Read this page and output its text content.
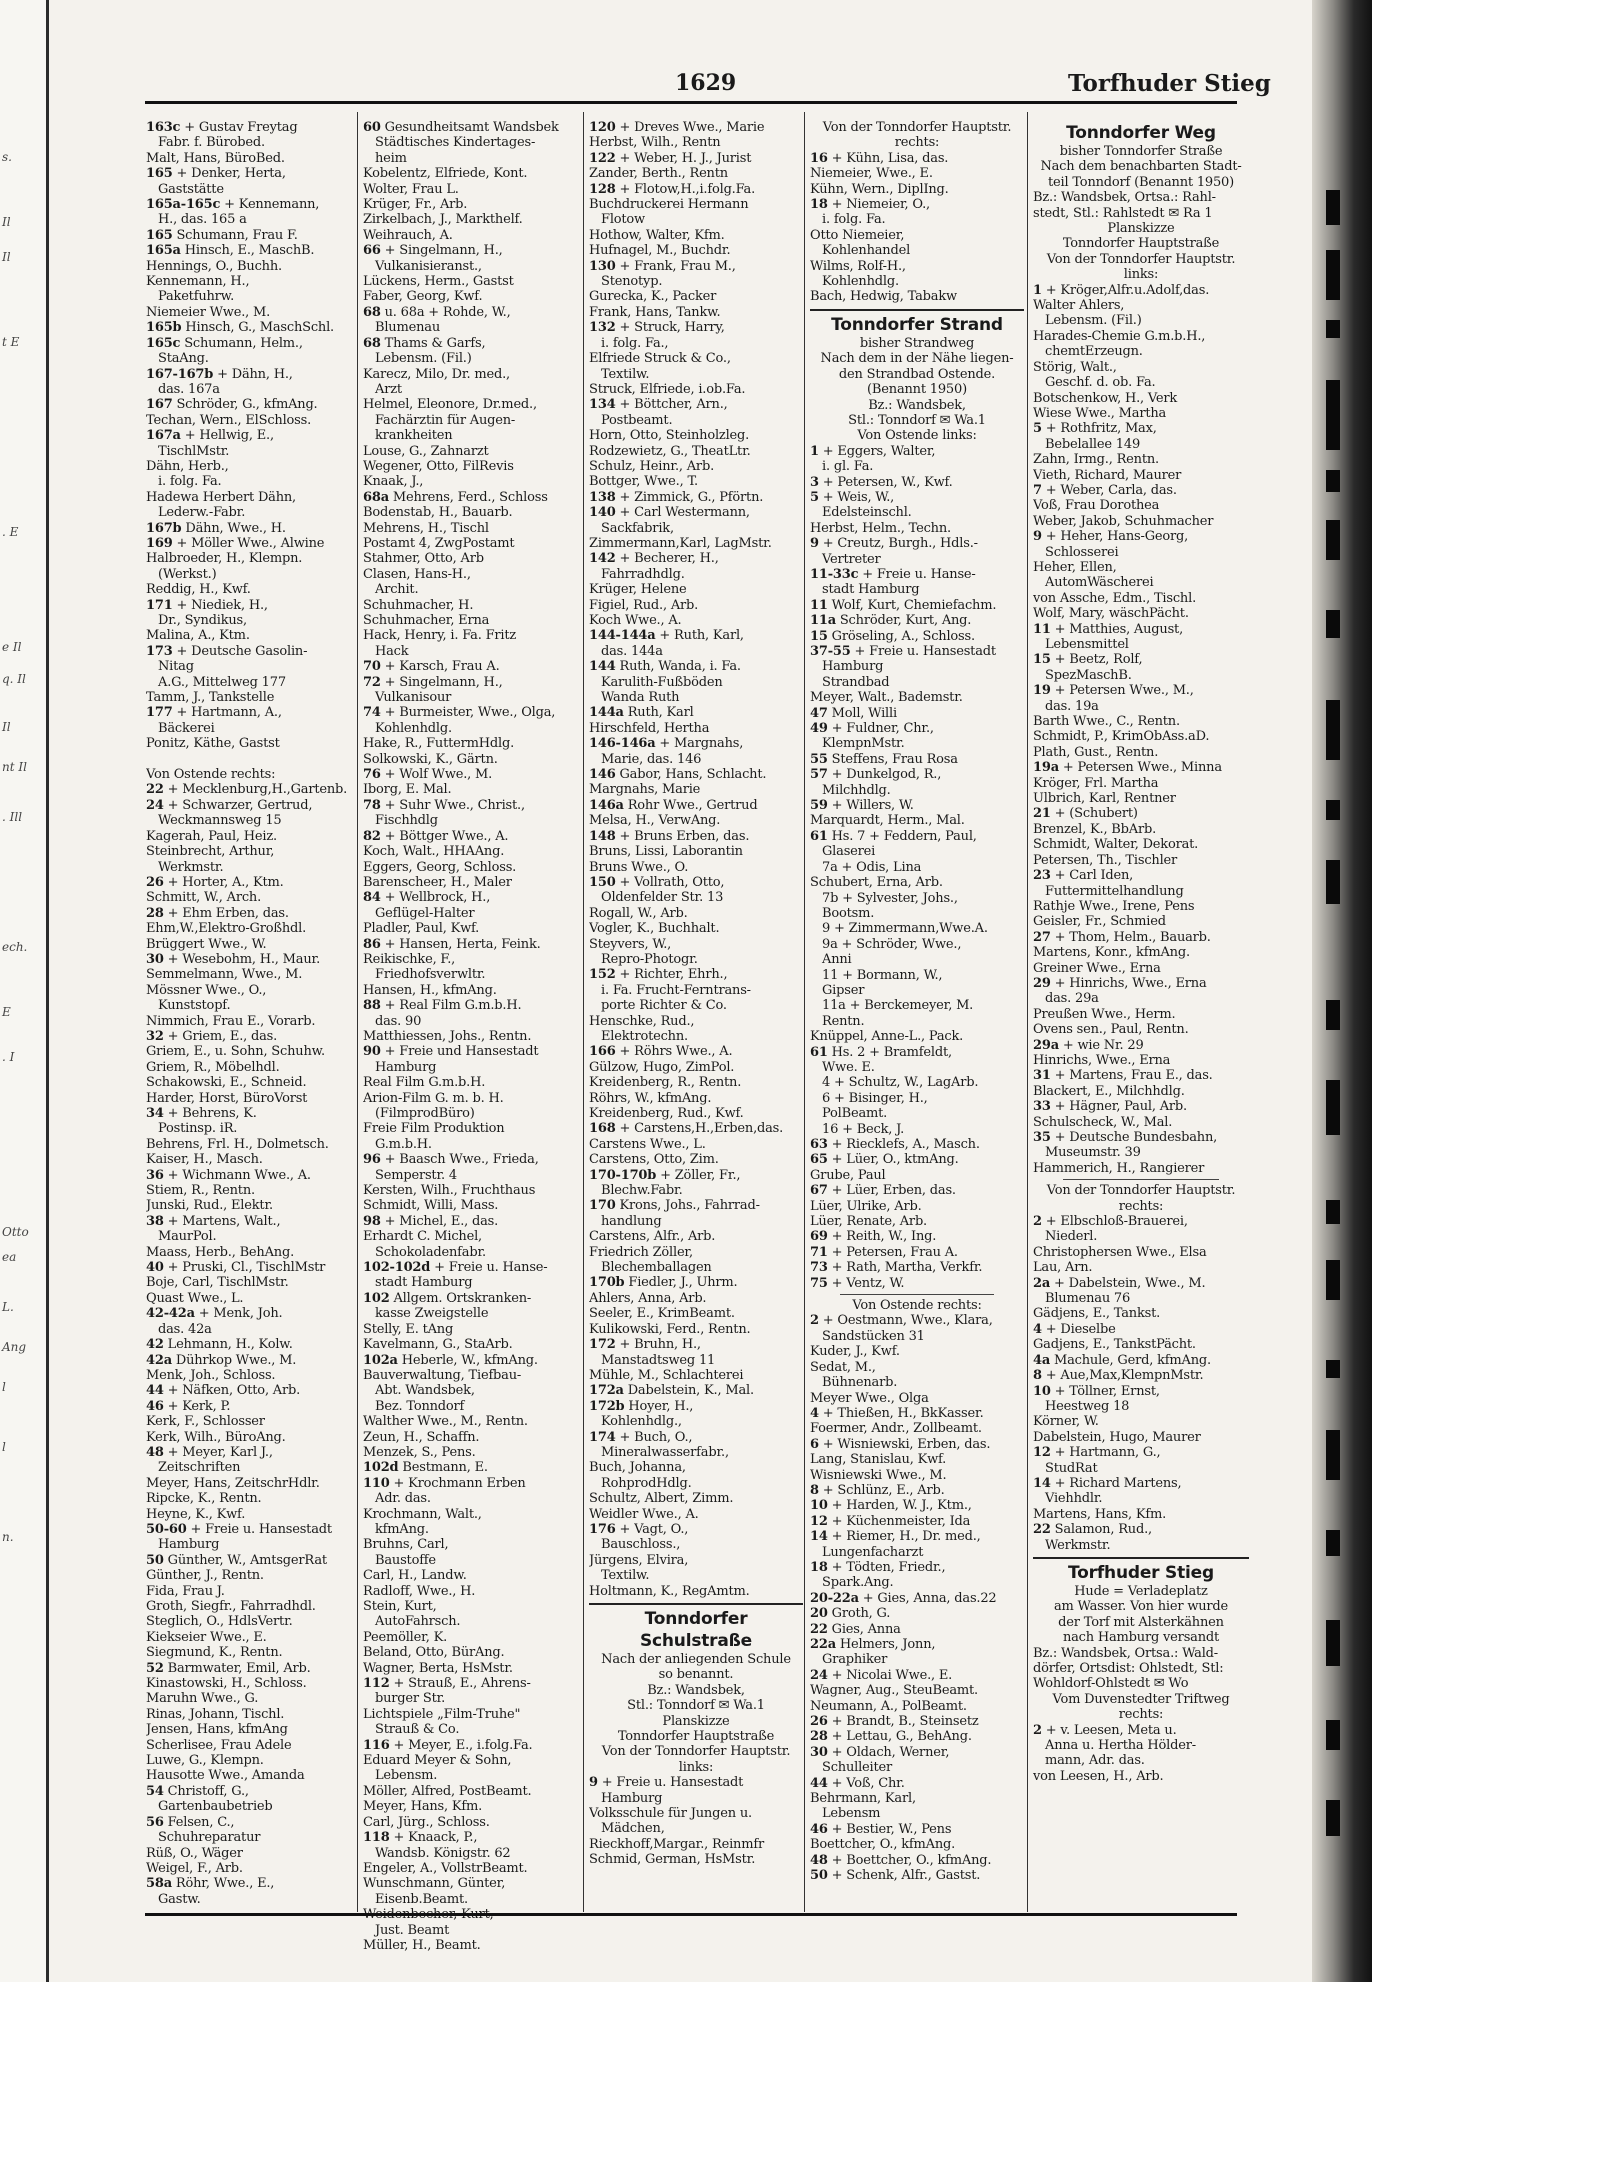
s.
Il
Il
t E
. E
e Il
q. Il
Il
nt Il
. Ill
ech.
E
. I
Otto
ea
L.
Ang
l
l
n.
1629	Torfhuder Stieg
163c + Gustav Freytag
Fabr. f. Bürobed.
Malt, Hans, BüroBed.
165 + Denker, Herta,
Gaststätte
165a-165c + Kennemann,
H., das. 165 a
165 Schumann, Frau F.
165a Hinsch, E., MaschB.
Hennings, O., Buchh.
Kennemann, H.,
Paketfuhrw.
Niemeier Wwe., M.
165b Hinsch, G., MaschSchl.
165c Schumann, Helm.,
StaAng.
167-167b + Dähn, H.,
das. 167a
167 Schröder, G., kfmAng.
Techan, Wern., ElSchloss.
167a + Hellwig, E.,
TischlMstr.
Dähn, Herb.,
i. folg. Fa.
Hadewa Herbert Dähn,
Lederw.-Fabr.
167b Dähn, Wwe., H.
169 + Möller Wwe., Alwine
Halbroeder, H., Klempn.
(Werkst.)
Reddig, H., Kwf.
171 + Niediek, H.,
Dr., Syndikus,
Malina, A., Ktm.
173 + Deutsche Gasolin-
Nitag
A.G., Mittelweg 177
Tamm, J., Tankstelle
177 + Hartmann, A.,
Bäckerei
Ponitz, Käthe, Gastst

Von Ostende rechts:
22 + Mecklenburg,H.,Gartenb.
24 + Schwarzer, Gertrud,
Weckmannsweg 15
Kagerah, Paul, Heiz.
Steinbrecht, Arthur,
Werkmstr.
26 + Horter, A., Ktm.
Schmitt, W., Arch.
28 + Ehm Erben, das.
Ehm,W.,Elektro-Großhdl.
Brüggert Wwe., W.
30 + Wesebohm, H., Maur.
Semmelmann, Wwe., M.
Mössner Wwe., O.,
Kunststopf.
Nimmich, Frau E., Vorarb.
32 + Griem, E., das.
Griem, E., u. Sohn, Schuhw.
Griem, R., Möbelhdl.
Schakowski, E., Schneid.
Harder, Horst, BüroVorst
34 + Behrens, K.
Postinsp. iR.
Behrens, Frl. H., Dolmetsch.
Kaiser, H., Masch.
36 + Wichmann Wwe., A.
Stiem, R., Rentn.
Junski, Rud., Elektr.
38 + Martens, Walt.,
MaurPol.
Maass, Herb., BehAng.
40 + Pruski, Cl., TischlMstr
Boje, Carl, TischlMstr.
Quast Wwe., L.
42-42a + Menk, Joh.
das. 42a
42 Lehmann, H., Kolw.
42a Dührkop Wwe., M.
Menk, Joh., Schloss.
44 + Näfken, Otto, Arb.
46 + Kerk, P.
Kerk, F., Schlosser
Kerk, Wilh., BüroAng.
48 + Meyer, Karl J.,
Zeitschriften
Meyer, Hans, ZeitschrHdlr.
Ripcke, K., Rentn.
Heyne, K., Kwf.
50-60 + Freie u. Hansestadt
Hamburg
50 Günther, W., AmtsgerRat
Günther, J., Rentn.
Fida, Frau J.
Groth, Siegfr., Fahrradhdl.
Steglich, O., HdlsVertr.
Kiekseier Wwe., E.
Siegmund, K., Rentn.
52 Barmwater, Emil, Arb.
Kinastowski, H., Schloss.
Maruhn Wwe., G.
Rinas, Johann, Tischl.
Jensen, Hans, kfmAng
Scherlisee, Frau Adele
Luwe, G., Klempn.
Hausotte Wwe., Amanda
54 Christoff, G.,
Gartenbaubetrieb
56 Felsen, C.,
Schuhreparatur
Rüß, O., Wäger
Weigel, F., Arb.
58a Röhr, Wwe., E.,
Gastw.
60 Gesundheitsamt Wandsbek
Städtisches Kindertages-
heim
Kobelentz, Elfriede, Kont.
Wolter, Frau L.
Krüger, Fr., Arb.
Zirkelbach, J., Markthelf.
Weihrauch, A.
66 + Singelmann, H.,
Vulkanisieranst.,
Lückens, Herm., Gastst
Faber, Georg, Kwf.
68 u. 68a + Rohde, W.,
Blumenau
68 Thams & Garfs,
Lebensm. (Fil.)
Karecz, Milo, Dr. med.,
Arzt
Helmel, Eleonore, Dr.med.,
Fachärztin für Augen-
krankheiten
Louse, G., Zahnarzt
Wegener, Otto, FilRevis
Knaak, J.,
68a Mehrens, Ferd., Schloss
Bodenstab, H., Bauarb.
Mehrens, H., Tischl
Postamt 4, ZwgPostamt
Stahmer, Otto, Arb
Clasen, Hans-H.,
Archit.
Schuhmacher, H.
Schuhmacher, Erna
Hack, Henry, i. Fa. Fritz
Hack
70 + Karsch, Frau A.
72 + Singelmann, H.,
Vulkanisour
74 + Burmeister, Wwe., Olga,
Kohlenhdlg.
Hake, R., FuttermHdlg.
Solkowski, K., Gärtn.
76 + Wolf Wwe., M.
Iborg, E. Mal.
78 + Suhr Wwe., Christ.,
Fischhdlg
82 + Böttger Wwe., A.
Koch, Walt., HHAAng.
Eggers, Georg, Schloss.
Barenscheer, H., Maler
84 + Wellbrock, H.,
Geflügel-Halter
Pladler, Paul, Kwf.
86 + Hansen, Herta, Feink.
Reikischke, F.,
Friedhofsverwltr.
Hansen, H., kfmAng.
88 + Real Film G.m.b.H.
das. 90
Matthiessen, Johs., Rentn.
90 + Freie und Hansestadt
Hamburg
Real Film G.m.b.H.
Arion-Film G. m. b. H.
(FilmprodBüro)
Freie Film Produktion
G.m.b.H.
96 + Baasch Wwe., Frieda,
Semperstr. 4
Kersten, Wilh., Fruchthaus
Schmidt, Willi, Mass.
98 + Michel, E., das.
Erhardt C. Michel,
Schokoladenfabr.
102-102d + Freie u. Hanse-
stadt Hamburg
102 Allgem. Ortskranken-
kasse Zweigstelle
Stelly, E. tAng
Kavelmann, G., StaArb.
102a Heberle, W., kfmAng.
Bauverwaltung, Tiefbau-
Abt. Wandsbek,
Bez. Tonndorf
Walther Wwe., M., Rentn.
Zeun, H., Schaffn.
Menzek, S., Pens.
102d Bestmann, E.
110 + Krochmann Erben
Adr. das.
Krochmann, Walt.,
kfmAng.
Bruhns, Carl,
Baustoffe
Carl, H., Landw.
Radloff, Wwe., H.
Stein, Kurt,
AutoFahrsch.
Peemöller, K.
Beland, Otto, BürAng.
Wagner, Berta, HsMstr.
112 + Strauß, E., Ahrens-
burger Str.
Lichtspiele „Film-Truhe"
Strauß & Co.
116 + Meyer, E., i.folg.Fa.
Eduard Meyer & Sohn,
Lebensm.
Möller, Alfred, PostBeamt.
Meyer, Hans, Kfm.
Carl, Jürg., Schloss.
118 + Knaack, P.,
Wandsb. Königstr. 62
Engeler, A., VollstrBeamt.
Wunschmann, Günter,
Eisenb.Beamt.
Weidenbecher, Kurt,
Just. Beamt
Müller, H., Beamt.
120 + Dreves Wwe., Marie
Herbst, Wilh., Rentn
122 + Weber, H. J., Jurist
Zander, Berth., Rentn
128 + Flotow,H.,i.folg.Fa.
Buchdruckerei Hermann
Flotow
Hothow, Walter, Kfm.
Hufnagel, M., Buchdr.
130 + Frank, Frau M.,
Stenotyp.
Gurecka, K., Packer
Frank, Hans, Tankw.
132 + Struck, Harry,
i. folg. Fa.,
Elfriede Struck & Co.,
Textilw.
Struck, Elfriede, i.ob.Fa.
134 + Böttcher, Arn.,
Postbeamt.
Horn, Otto, Steinholzleg.
Rodzewietz, G., TheatLtr.
Schulz, Heinr., Arb.
Bottger, Wwe., T.
138 + Zimmick, G., Pförtn.
140 + Carl Westermann,
Sackfabrik,
Zimmermann,Karl, LagMstr.
142 + Becherer, H.,
Fahrradhdlg.
Krüger, Helene
Figiel, Rud., Arb.
Koch Wwe., A.
144-144a + Ruth, Karl,
das. 144a
144 Ruth, Wanda, i. Fa.
Karulith-Fußböden
Wanda Ruth
144a Ruth, Karl
Hirschfeld, Hertha
146-146a + Margnahs,
Marie, das. 146
146 Gabor, Hans, Schlacht.
Margnahs, Marie
146a Rohr Wwe., Gertrud
Melsa, H., VerwAng.
148 + Bruns Erben, das.
Bruns, Lissi, Laborantin
Bruns Wwe., O.
150 + Vollrath, Otto,
Oldenfelder Str. 13
Rogall, W., Arb.
Vogler, K., Buchhalt.
Steyvers, W.,
Repro-Photogr.
152 + Richter, Ehrh.,
i. Fa. Frucht-Ferntrans-
porte Richter & Co.
Henschke, Rud.,
Elektrotechn.
166 + Röhrs Wwe., A.
Gülzow, Hugo, ZimPol.
Kreidenberg, R., Rentn.
Röhrs, W., kfmAng.
Kreidenberg, Rud., Kwf.
168 + Carstens,H.,Erben,das.
Carstens Wwe., L.
Carstens, Otto, Zim.
170-170b + Zöller, Fr.,
Blechw.Fabr.
170 Krons, Johs., Fahrrad-
handlung
Carstens, Alfr., Arb.
Friedrich Zöller,
Blechemballagen
170b Fiedler, J., Uhrm.
Ahlers, Anna, Arb.
Seeler, E., KrimBeamt.
Kulikowski, Ferd., Rentn.
172 + Bruhn, H.,
Manstadtsweg 11
Mühle, M., Schlachterei
172a Dabelstein, K., Mal.
172b Hoyer, H.,
Kohlenhdlg.,
174 + Buch, O.,
Mineralwasserfabr.,
Buch, Johanna,
RohprodHdlg.
Schultz, Albert, Zimm.
Weidler Wwe., A.
176 + Vagt, O.,
Bauschloss.,
Jürgens, Elvira,
Textilw.
Holtmann, K., RegAmtm.
Tonndorfer Schulstraße
Nach der anliegenden Schule
so benannt.
Bz.: Wandsbek,
Stl.: Tonndorf ✉ Wa.1
Planskizze
Tonndorfer Hauptstraße
Von der Tonndorfer Hauptstr.
links:
9 + Freie u. Hansestadt
Hamburg
Volksschule für Jungen u.
Mädchen,
Rieckhoff,Margar., Reinmfr
Schmid, German, HsMstr.
Von der Tonndorfer Hauptstr.
rechts:
16 + Kühn, Lisa, das.
Niemeier, Wwe., E.
Kühn, Wern., DiplIng.
18 + Niemeier, O.,
i. folg. Fa.
Otto Niemeier,
Kohlenhandel
Wilms, Rolf-H.,
Kohlenhdlg.
Bach, Hedwig, Tabakw
Tonndorfer Strand
bisher Strandweg
Nach dem in der Nähe liegen-
den Strandbad Ostende.
(Benannt 1950)
Bz.: Wandsbek,
Stl.: Tonndorf ✉ Wa.1
Von Ostende links:
1 + Eggers, Walter,
i. gl. Fa.
3 + Petersen, W., Kwf.
5 + Weis, W.,
Edelsteinschl.
Herbst, Helm., Techn.
9 + Creutz, Burgh., Hdls.-
Vertreter
11-33c + Freie u. Hanse-
stadt Hamburg
11 Wolf, Kurt, Chemiefachm.
11a Schröder, Kurt, Ang.
15 Gröseling, A., Schloss.
37-55 + Freie u. Hansestadt
Hamburg
Strandbad
Meyer, Walt., Bademstr.
47 Moll, Willi
49 + Fuldner, Chr.,
KlempnMstr.
55 Steffens, Frau Rosa
57 + Dunkelgod, R.,
Milchhdlg.
59 + Willers, W.
Marquardt, Herm., Mal.
61 Hs. 7 + Feddern, Paul,
Glaserei
7a + Odis, Lina
Schubert, Erna, Arb.
7b + Sylvester, Johs.,
Bootsm.
9 + Zimmermann,Wwe.A.
9a + Schröder, Wwe.,
Anni
11 + Bormann, W.,
Gipser
11a + Berckemeyer, M.
Rentn.
Knüppel, Anne-L., Pack.
61 Hs. 2 + Bramfeldt,
Wwe. E.
4 + Schultz, W., LagArb.
6 + Bisinger, H.,
PolBeamt.
16 + Beck, J.
63 + Riecklefs, A., Masch.
65 + Lüer, O., ktmAng.
Grube, Paul
67 + Lüer, Erben, das.
Lüer, Ulrike, Arb.
Lüer, Renate, Arb.
69 + Reith, W., Ing.
71 + Petersen, Frau A.
73 + Rath, Martha, Verkfr.
75 + Ventz, W.
Von Ostende rechts:
2 + Oestmann, Wwe., Klara,
Sandstücken 31
Kuder, J., Kwf.
Sedat, M.,
Bühnenarb.
Meyer Wwe., Olga
4 + Thießen, H., BkKasser.
Foermer, Andr., Zollbeamt.
6 + Wisniewski, Erben, das.
Lang, Stanislau, Kwf.
Wisniewski Wwe., M.
8 + Schlünz, E., Arb.
10 + Harden, W. J., Ktm.,
12 + Küchenmeister, Ida
14 + Riemer, H., Dr. med.,
Lungenfacharzt
18 + Tödten, Friedr.,
Spark.Ang.
20-22a + Gies, Anna, das.22
20 Groth, G.
22 Gies, Anna
22a Helmers, Jonn,
Graphiker
24 + Nicolai Wwe., E.
Wagner, Aug., SteuBeamt.
Neumann, A., PolBeamt.
26 + Brandt, B., Steinsetz
28 + Lettau, G., BehAng.
30 + Oldach, Werner,
Schulleiter
44 + Voß, Chr.
Behrmann, Karl,
Lebensm
46 + Bestier, W., Pens
Boettcher, O., kfmAng.
48 + Boettcher, O., kfmAng.
50 + Schenk, Alfr., Gastst.
Tonndorfer Weg
bisher Tonndorfer Straße
Nach dem benachbarten Stadt-
teil Tonndorf (Benannt 1950)
Bz.: Wandsbek, Ortsa.: Rahl-
stedt, Stl.: Rahlstedt ✉ Ra 1
Planskizze
Tonndorfer Hauptstraße
Von der Tonndorfer Hauptstr.
links:
1 + Kröger,Alfr.u.Adolf,das.
Walter Ahlers,
Lebensm. (Fil.)
Harades-Chemie G.m.b.H.,
chemtErzeugn.
Störig, Walt.,
Geschf. d. ob. Fa.
Botschenkow, H., Verk
Wiese Wwe., Martha
5 + Rothfritz, Max,
Bebelallee 149
Zahn, Irmg., Rentn.
Vieth, Richard, Maurer
7 + Weber, Carla, das.
Voß, Frau Dorothea
Weber, Jakob, Schuhmacher
9 + Heher, Hans-Georg,
Schlosserei
Heher, Ellen,
AutomWäscherei
von Assche, Edm., Tischl.
Wolf, Mary, wäschPächt.
11 + Matthies, August,
Lebensmittel
15 + Beetz, Rolf,
SpezMaschB.
19 + Petersen Wwe., M.,
das. 19a
Barth Wwe., C., Rentn.
Schmidt, P., KrimObAss.aD.
Plath, Gust., Rentn.
19a + Petersen Wwe., Minna
Kröger, Frl. Martha
Ulbrich, Karl, Rentner
21 + (Schubert)
Brenzel, K., BbArb.
Schmidt, Walter, Dekorat.
Petersen, Th., Tischler
23 + Carl Iden,
Futtermittelhandlung
Rathje Wwe., Irene, Pens
Geisler, Fr., Schmied
27 + Thom, Helm., Bauarb.
Martens, Konr., kfmAng.
Greiner Wwe., Erna
29 + Hinrichs, Wwe., Erna
das. 29a
Preußen Wwe., Herm.
Ovens sen., Paul, Rentn.
29a + wie Nr. 29
Hinrichs, Wwe., Erna
31 + Martens, Frau E., das.
Blackert, E., Milchhdlg.
33 + Hägner, Paul, Arb.
Schulscheck, W., Mal.
35 + Deutsche Bundesbahn,
Museumstr. 39
Hammerich, H., Rangierer
Von der Tonndorfer Hauptstr.
rechts:
2 + Elbschloß-Brauerei,
Niederl.
Christophersen Wwe., Elsa
Lau, Arn.
2a + Dabelstein, Wwe., M.
Blumenau 76
Gädjens, E., Tankst.
4 + Dieselbe
Gadjens, E., TankstPächt.
4a Machule, Gerd, kfmAng.
8 + Aue,Max,KlempnMstr.
10 + Töllner, Ernst,
Heestweg 18
Körner, W.
Dabelstein, Hugo, Maurer
12 + Hartmann, G.,
StudRat
14 + Richard Martens,
Viehhdlr.
Martens, Hans, Kfm.
22 Salamon, Rud.,
Werkmstr.
Torfhuder Stieg
Hude = Verladeplatz
am Wasser. Von hier wurde
der Torf mit Alsterkähnen
nach Hamburg versandt
Bz.: Wandsbek, Ortsa.: Wald-
dörfer, Ortsdist: Ohlstedt, Stl:
Wohldorf-Ohlstedt ✉ Wo
Vom Duvenstedter Triftweg
rechts:
2 + v. Leesen, Meta u.
Anna u. Hertha Hölder-
mann, Adr. das.
von Leesen, H., Arb.
